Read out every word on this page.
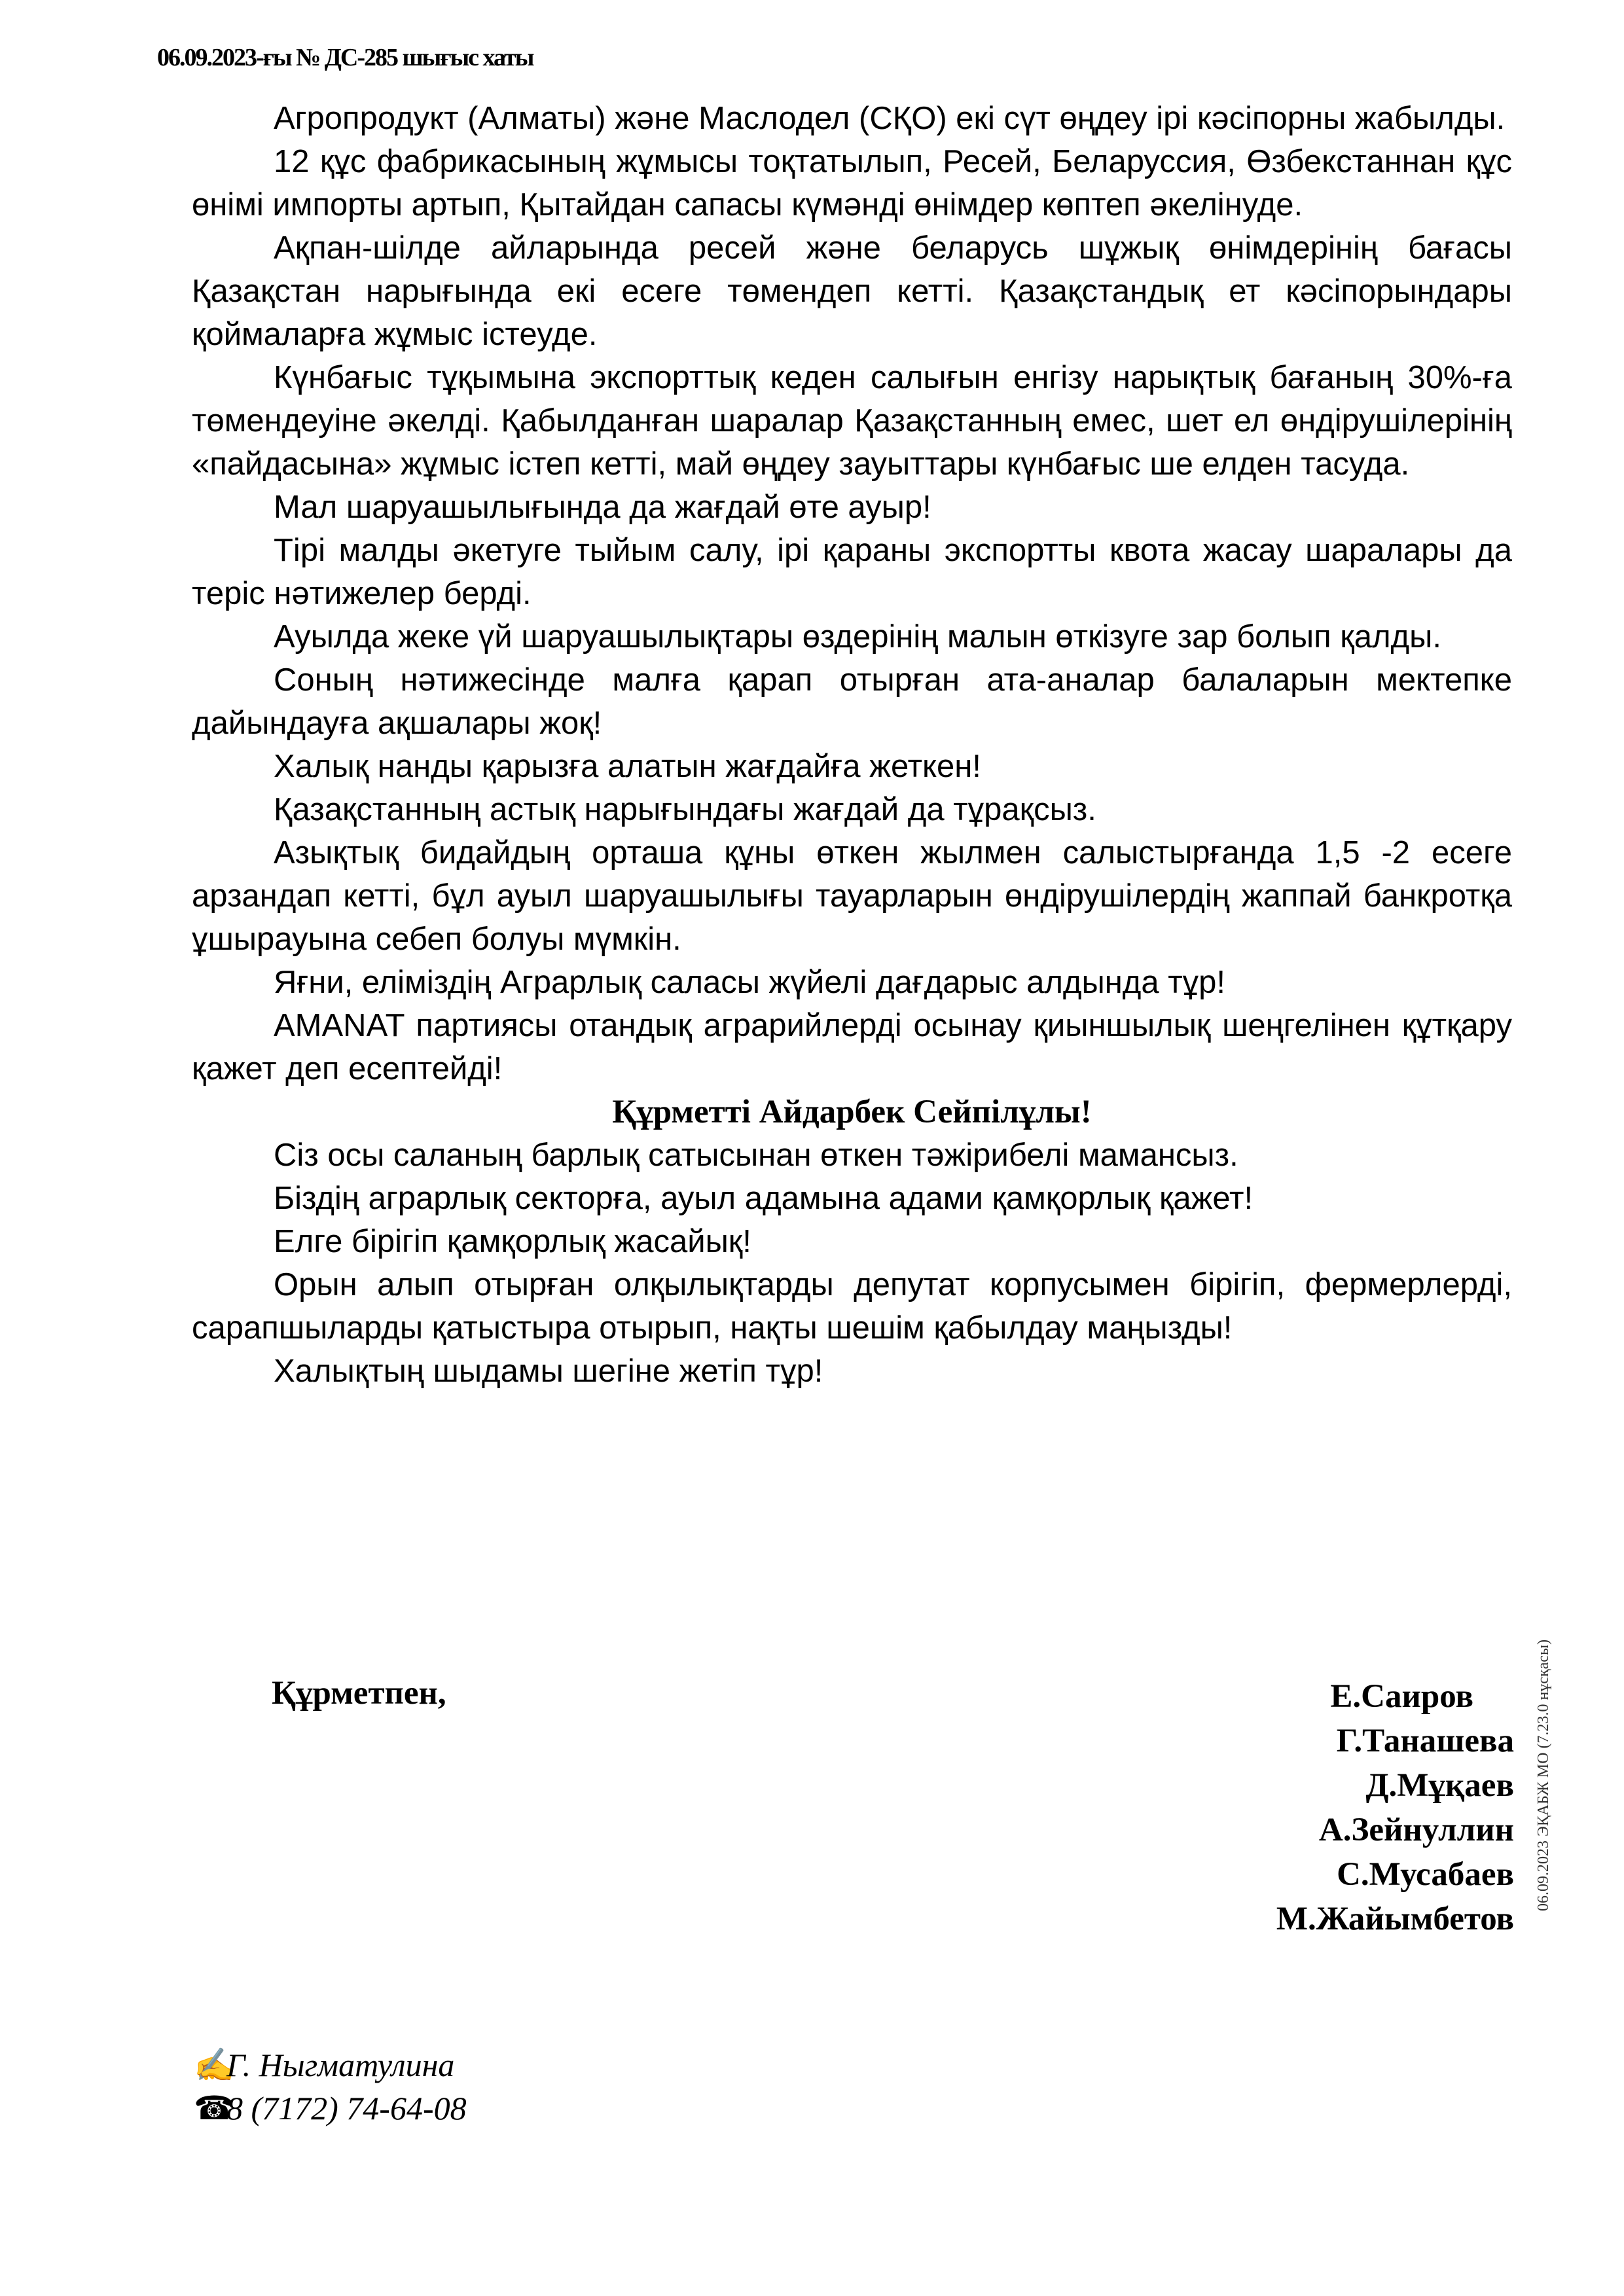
06.09.2023-ғы № ДС-285 шығыс хаты

Агропродукт (Алматы) және Маслодел (СҚО) екі сүт өңдеу ірі кәсіпорны жабылды.

12 құс фабрикасының жұмысы тоқтатылып, Ресей, Беларуссия, Өзбекстаннан құс өнімі импорты артып, Қытайдан сапасы күмәнді өнімдер көптеп әкелінуде.

Ақпан-шілде айларында ресей және беларусь шұжық өнімдерінің бағасы Қазақстан нарығында екі есеге төмендеп кетті. Қазақстандық ет кәсіпорындары қоймаларға жұмыс істеуде.

Күнбағыс тұқымына экспорттық кеден салығын енгізу нарықтық бағаның 30%-ға төмендеуіне әкелді. Қабылданған шаралар Қазақстанның емес, шет ел өндірушілерінің «пайдасына» жұмыс істеп кетті, май өңдеу зауыттары күнбағыс ше елден тасуда.

Мал шаруашылығында да жағдай өте ауыр!

Тірі малды әкетуге тыйым салу, ірі қараны экспортты квота жасау шаралары да теріс нәтижелер берді.

Ауылда жеке үй шаруашылықтары өздерінің малын өткізуге зар болып қалды.

Соның нәтижесінде малға қарап отырған ата-аналар балаларын мектепке дайындауға ақшалары жоқ!

Халық нанды қарызға алатын жағдайға жеткен!

Қазақстанның астық нарығындағы жағдай да тұрақсыз.

Азықтық бидайдың орташа құны өткен жылмен салыстырғанда 1,5 -2 есеге арзандап кетті, бұл ауыл шаруашылығы тауарларын өндірушілердің жаппай банкротқа ұшырауына себеп болуы мүмкін.

Яғни, еліміздің Аграрлық саласы жүйелі дағдарыс алдында тұр!

AMANAT партиясы отандық аграрийлерді осынау қиыншылық шеңгелінен құтқару қажет деп есептейді!

Құрметті Айдарбек Сейпілұлы!

Сіз осы саланың барлық сатысынан өткен тәжірибелі мамансыз.

Біздің аграрлық секторға, ауыл адамына адами қамқорлық қажет!

Елге бірігіп қамқорлық жасайық!

Орын алып отырған олқылықтарды депутат корпусымен бірігіп, фермерлерді, сарапшыларды қатыстыра отырып, нақты шешім қабылдау маңызды!

Халықтың шыдамы шегіне жетіп тұр!

Құрметпен,	Е.Саиров
Г.Танашева
Д.Мұқаев
А.Зейнуллин
С.Мусабаев
М.Жайымбетов
06.09.2023 ЭҚАБЖ МО (7.23.0 нұсқасы)
✍Г. Ныгматулина
☎8 (7172) 74-64-08
